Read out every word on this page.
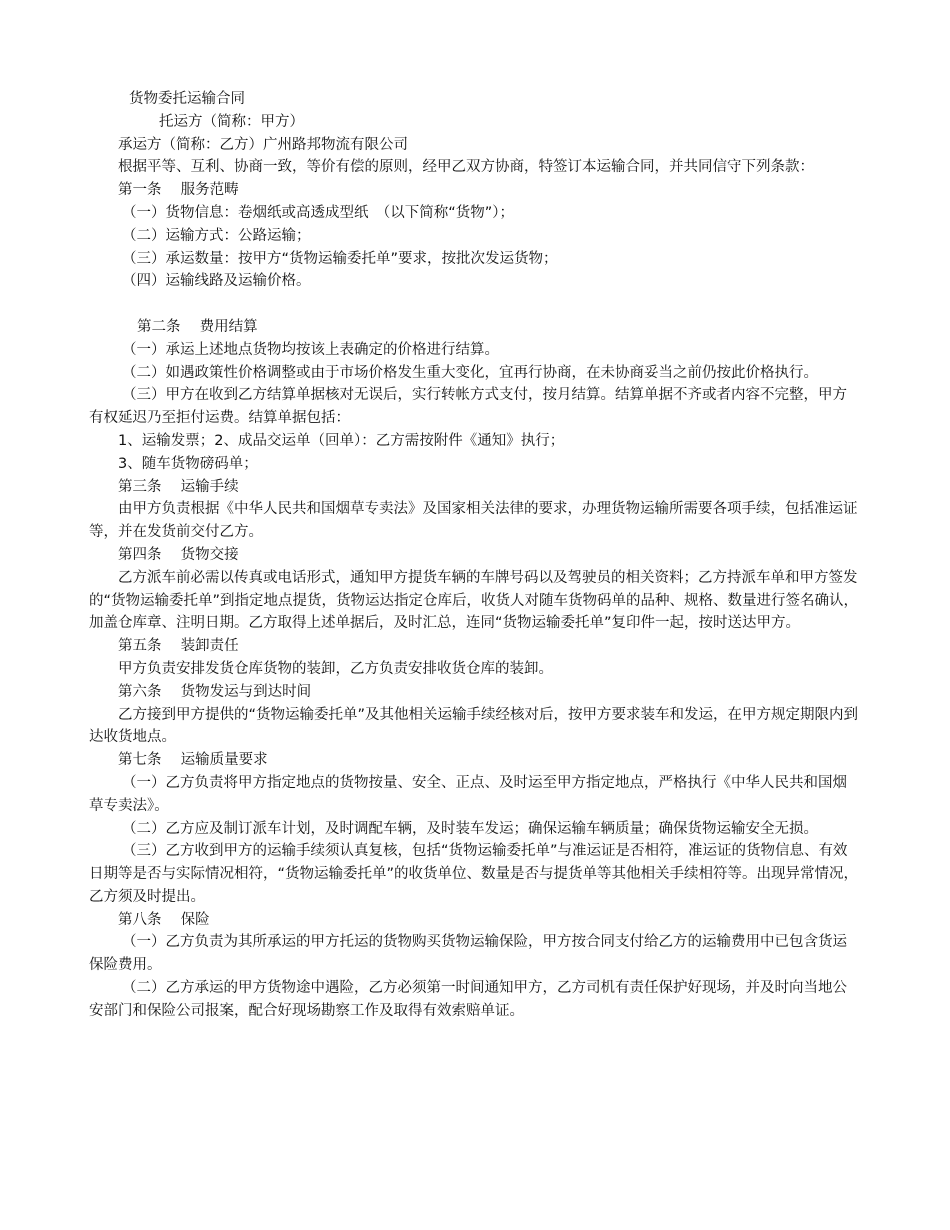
货物委托运输合同

托运方（简称：甲方）

承运方（简称：乙方）广州路邦物流有限公司

根据平等、互利、协商一致，等价有偿的原则，经甲乙双方协商，特签订本运输合同，并共同信守下列条款：

第一条　 服务范畴

（一）货物信息：卷烟纸或高透成型纸　（以下简称“货物”）；

（二）运输方式：公路运输；

（三）承运数量：按甲方“货物运输委托单”要求，按批次发运货物；

（四）运输线路及运输价格。

第二条　 费用结算

（一）承运上述地点货物均按该上表确定的价格进行结算。

（二）如遇政策性价格调整或由于市场价格发生重大变化，宜再行协商，在未协商妥当之前仍按此价格执行。

（三）甲方在收到乙方结算单据核对无误后，实行转帐方式支付，按月结算。结算单据不齐或者内容不完整，甲方有权延迟乃至拒付运费。结算单据包括：

1、运输发票；2、成品交运单（回单）：乙方需按附件《通知》执行；

3、随车货物磅码单；

第三条　 运输手续

由甲方负责根据《中华人民共和国烟草专卖法》及国家相关法律的要求，办理货物运输所需要各项手续，包括准运证等，并在发货前交付乙方。

第四条　 货物交接

乙方派车前必需以传真或电话形式，通知甲方提货车辆的车牌号码以及驾驶员的相关资料；乙方持派车单和甲方签发的“货物运输委托单”到指定地点提货，货物运达指定仓库后，收货人对随车货物码单的品种、规格、数量进行签名确认，加盖仓库章、注明日期。乙方取得上述单据后，及时汇总，连同“货物运输委托单”复印件一起，按时送达甲方。

第五条　 装卸责任

甲方负责安排发货仓库货物的装卸，乙方负责安排收货仓库的装卸。

第六条　 货物发运与到达时间

乙方接到甲方提供的“货物运输委托单”及其他相关运输手续经核对后，按甲方要求装车和发运，在甲方规定期限内到达收货地点。

第七条　 运输质量要求

（一）乙方负责将甲方指定地点的货物按量、安全、正点、及时运至甲方指定地点，严格执行《中华人民共和国烟草专卖法》。

（二）乙方应及制订派车计划，及时调配车辆，及时装车发运；确保运输车辆质量；确保货物运输安全无损。

（三）乙方收到甲方的运输手续须认真复核，包括“货物运输委托单”与准运证是否相符，准运证的货物信息、有效日期等是否与实际情况相符，“货物运输委托单”的收货单位、数量是否与提货单等其他相关手续相符等。出现异常情况，乙方须及时提出。

第八条　 保险

（一）乙方负责为其所承运的甲方托运的货物购买货物运输保险，甲方按合同支付给乙方的运输费用中已包含货运保险费用。

（二）乙方承运的甲方货物途中遇险，乙方必须第一时间通知甲方，乙方司机有责任保护好现场，并及时向当地公安部门和保险公司报案，配合好现场勘察工作及取得有效索赔单证。
